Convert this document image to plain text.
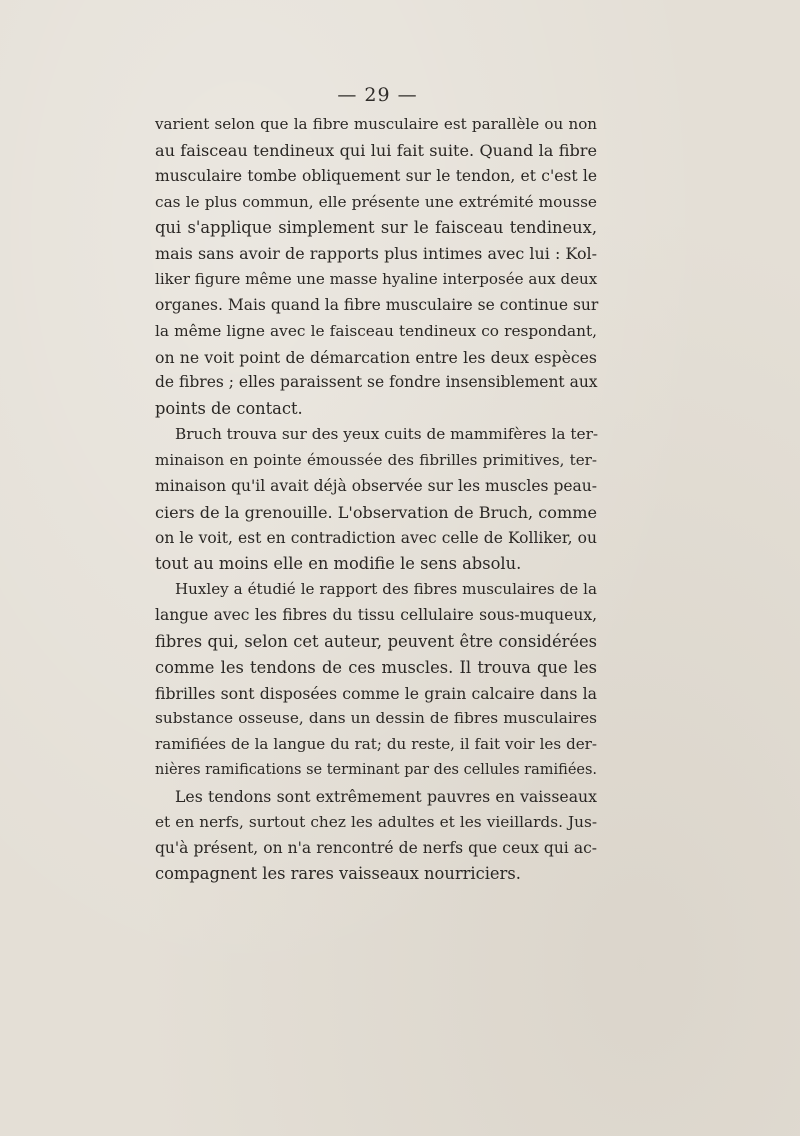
— 29 —
varient selon que la fibre musculaire est parallèle ou non
au faisceau tendineux qui lui fait suite. Quand la fibre
musculaire tombe obliquement sur le tendon, et c'est le
cas le plus commun, elle présente une extrémité mousse
qui s'applique simplement sur le faisceau tendineux,
mais sans avoir de rapports plus intimes avec lui : Kol-
liker figure même une masse hyaline interposée aux deux
organes. Mais quand la fibre musculaire se continue sur
la même ligne avec le faisceau tendineux co respondant,
on ne voit point de démarcation entre les deux espèces
de fibres ; elles paraissent se fondre insensiblement aux
points de contact.
Bruch trouva sur des yeux cuits de mammifères la ter-
minaison en pointe émoussée des fibrilles primitives, ter-
minaison qu'il avait déjà observée sur les muscles peau-
ciers de la grenouille. L'observation de Bruch, comme
on le voit, est en contradiction avec celle de Kolliker, ou
tout au moins elle en modifie le sens absolu.
Huxley a étudié le rapport des fibres musculaires de la
langue avec les fibres du tissu cellulaire sous-muqueux,
fibres qui, selon cet auteur, peuvent être considérées
comme les tendons de ces muscles. Il trouva que les
fibrilles sont disposées comme le grain calcaire dans la
substance osseuse, dans un dessin de fibres musculaires
ramifiées de la langue du rat; du reste, il fait voir les der-
nières ramifications se terminant par des cellules ramifiées.
Les tendons sont extrêmement pauvres en vaisseaux
et en nerfs, surtout chez les adultes et les vieillards. Jus-
qu'à présent, on n'a rencontré de nerfs que ceux qui ac-
compagnent les rares vaisseaux nourriciers.
